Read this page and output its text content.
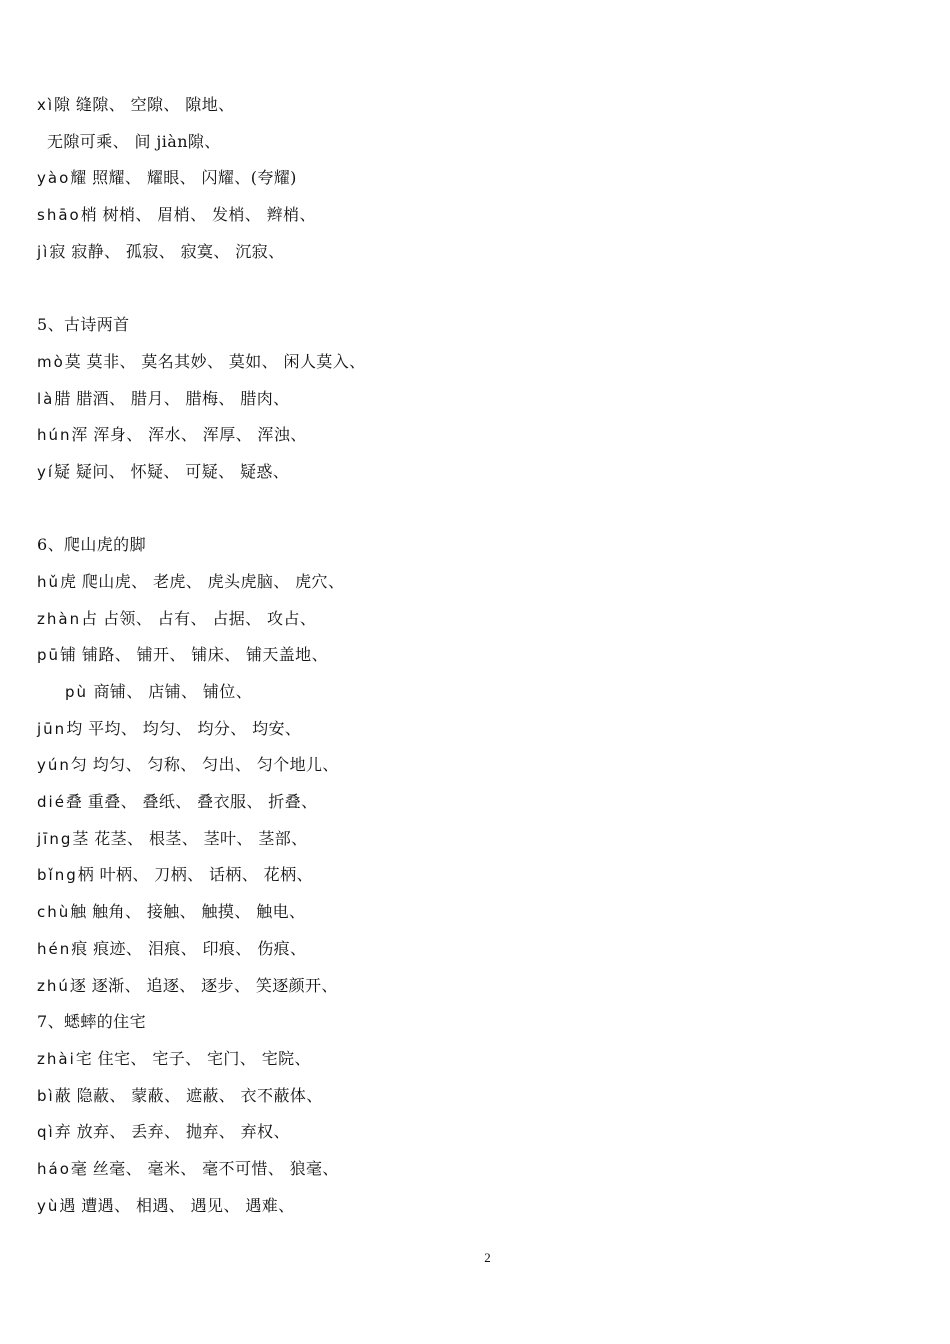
xì隙 缝隙、 空隙、 隙地、
无隙可乘、 间 jiàn隙、
yào耀 照耀、 耀眼、 闪耀、(夸耀)
shāo梢 树梢、 眉梢、 发梢、 辫梢、
jì寂 寂静、 孤寂、 寂寞、 沉寂、
5、古诗两首
mò莫 莫非、 莫名其妙、 莫如、 闲人莫入、
là腊 腊酒、 腊月、 腊梅、 腊肉、
hún浑 浑身、 浑水、 浑厚、 浑浊、
yí疑 疑问、 怀疑、 可疑、 疑惑、
6、爬山虎的脚
hǔ虎 爬山虎、 老虎、 虎头虎脑、 虎穴、
zhàn占 占领、 占有、 占据、 攻占、
pū铺 铺路、 铺开、 铺床、 铺天盖地、
pù 商铺、 店铺、 铺位、
jūn均 平均、 均匀、 均分、 均安、
yún匀 均匀、 匀称、 匀出、 匀个地儿、
dié叠 重叠、 叠纸、 叠衣服、 折叠、
jīng茎 花茎、 根茎、 茎叶、 茎部、
bǐng柄 叶柄、 刀柄、 话柄、 花柄、
chù触 触角、 接触、 触摸、 触电、
hén痕 痕迹、 泪痕、 印痕、 伤痕、
zhú逐 逐渐、 追逐、 逐步、 笑逐颜开、
7、蟋蟀的住宅
zhài宅 住宅、 宅子、 宅门、 宅院、
bì蔽 隐蔽、 蒙蔽、 遮蔽、 衣不蔽体、
qì弃 放弃、 丢弃、 抛弃、 弃权、
háo毫 丝毫、 毫米、 毫不可惜、 狼毫、
yù遇 遭遇、 相遇、 遇见、 遇难、
2
